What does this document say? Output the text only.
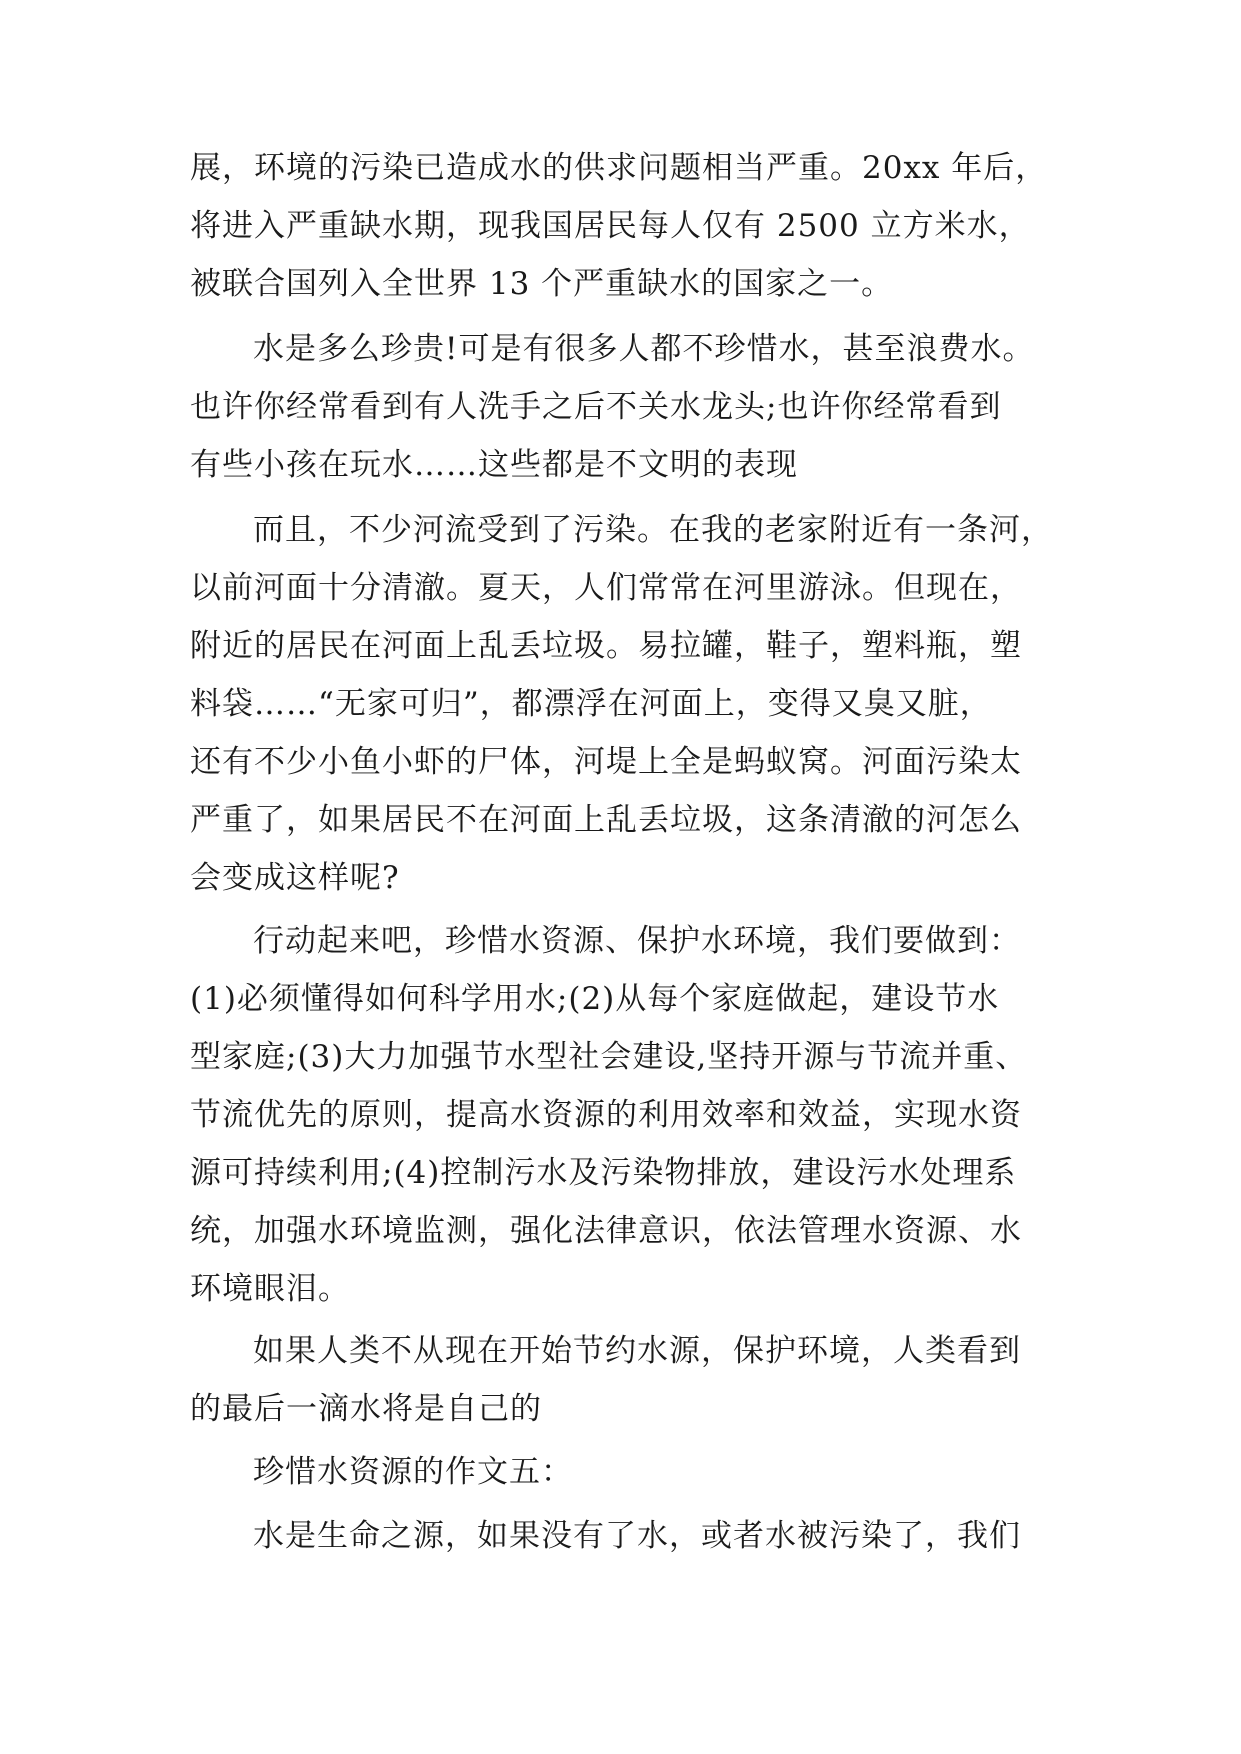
展，环境的污染已造成水的供求问题相当严重。20xx 年后，
将进入严重缺水期，现我国居民每人仅有 2500 立方米水，
被联合国列入全世界 13 个严重缺水的国家之一。
水是多么珍贵!可是有很多人都不珍惜水，甚至浪费水。
也许你经常看到有人洗手之后不关水龙头;也许你经常看到
有些小孩在玩水……这些都是不文明的表现
而且，不少河流受到了污染。在我的老家附近有一条河，
以前河面十分清澈。夏天，人们常常在河里游泳。但现在，
附近的居民在河面上乱丢垃圾。易拉罐，鞋子，塑料瓶，塑
料袋……“无家可归”，都漂浮在河面上，变得又臭又脏，
还有不少小鱼小虾的尸体，河堤上全是蚂蚁窝。河面污染太
严重了，如果居民不在河面上乱丢垃圾，这条清澈的河怎么
会变成这样呢?
行动起来吧，珍惜水资源、保护水环境，我们要做到：
(1)必须懂得如何科学用水;(2)从每个家庭做起，建设节水
型家庭;(3)大力加强节水型社会建设,坚持开源与节流并重、
节流优先的原则，提高水资源的利用效率和效益，实现水资
源可持续利用;(4)控制污水及污染物排放，建设污水处理系
统，加强水环境监测，强化法律意识，依法管理水资源、水
环境眼泪。
如果人类不从现在开始节约水源，保护环境，人类看到
的最后一滴水将是自己的
珍惜水资源的作文五：
水是生命之源，如果没有了水，或者水被污染了，我们
